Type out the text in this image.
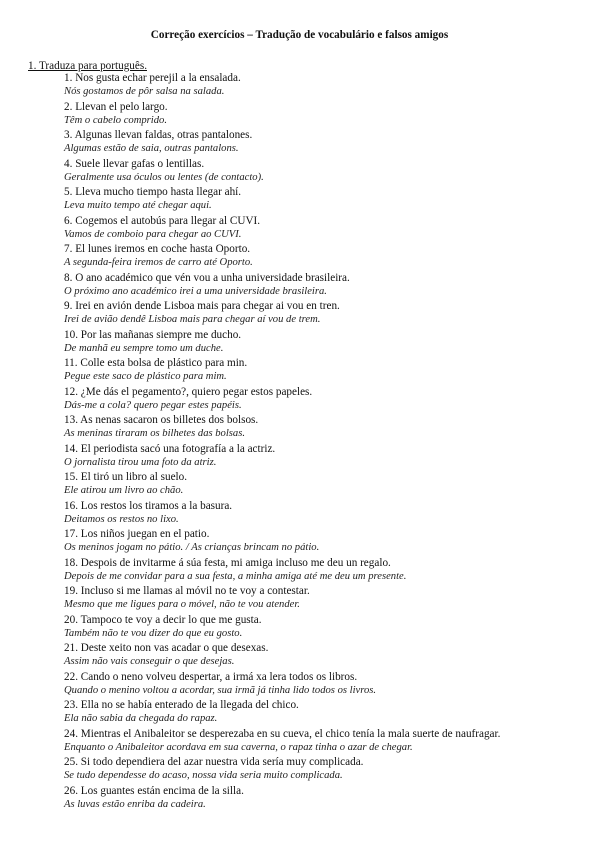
Correção exercícios – Tradução de vocabulário e falsos amigos
1. Traduza para português.
1. Nos gusta echar perejil a la ensalada.
Nós gostamos de pôr salsa na salada.
2. Llevan el pelo largo.
Têm o cabelo comprido.
3. Algunas llevan faldas, otras pantalones.
Algumas estão de saia, outras pantalons.
4. Suele llevar gafas o lentillas.
Geralmente usa óculos ou lentes (de contacto).
5. Lleva mucho tiempo hasta llegar ahí.
Leva muito tempo até chegar aqui.
6. Cogemos el autobús para llegar al CUVI.
Vamos de comboio para chegar ao CUVI.
7. El lunes iremos en coche hasta Oporto.
A segunda-feira iremos de carro até Oporto.
8. O ano académico que vén vou a unha universidade brasileira.
O próximo ano académico irei a uma universidade brasileira.
9. Irei en avión dende Lisboa mais para chegar ai vou en tren.
Irei de avião dendê Lisboa mais para chegar aí vou de trem.
10. Por las mañanas siempre me ducho.
De manhã eu sempre tomo um duche.
11. Colle esta bolsa de plástico para min.
Pegue este saco de plástico para mim.
12. ¿Me dás el pegamento?, quiero pegar estos papeles.
Dás-me a cola? quero pegar estes papéis.
13. As nenas sacaron os billetes dos bolsos.
As meninas tiraram os bilhetes das bolsas.
14. El periodista sacó una fotografía a la actriz.
O jornalista tirou uma foto da atriz.
15. El tiró un libro al suelo.
Ele atirou um livro ao chão.
16. Los restos los tiramos a la basura.
Deitamos os restos no lixo.
17. Los niños juegan en el patio.
Os meninos jogam no pátio. / As crianças brincam no pátio.
18. Despois de invitarme á súa festa, mi amiga incluso me deu un regalo.
Depois de me convidar para a sua festa, a minha amiga até me deu um presente.
19. Incluso si me llamas al móvil no te voy a contestar.
Mesmo que me ligues para o móvel, não te vou atender.
20. Tampoco te voy a decir lo que me gusta.
Também não te vou dizer do que eu gosto.
21. Deste xeito non vas acadar o que desexas.
Assim não vais conseguir o que desejas.
22. Cando o neno volveu despertar, a irmá xa lera todos os libros.
Quando o menino voltou a acordar, sua irmã já tinha lido todos os livros.
23. Ella no se había enterado de la llegada del chico.
Ela não sabia da chegada do rapaz.
24. Mientras el Anibaleitor se desperezaba en su cueva, el chico tenía la mala suerte de naufragar.
Enquanto o Anibaleitor acordava em sua caverna, o rapaz tinha o azar de chegar.
25. Si todo dependiera del azar nuestra vida sería muy complicada.
Se tudo dependesse do acaso, nossa vida seria muito complicada.
26. Los guantes están encima de la silla.
As luvas estão enriba da cadeira.
